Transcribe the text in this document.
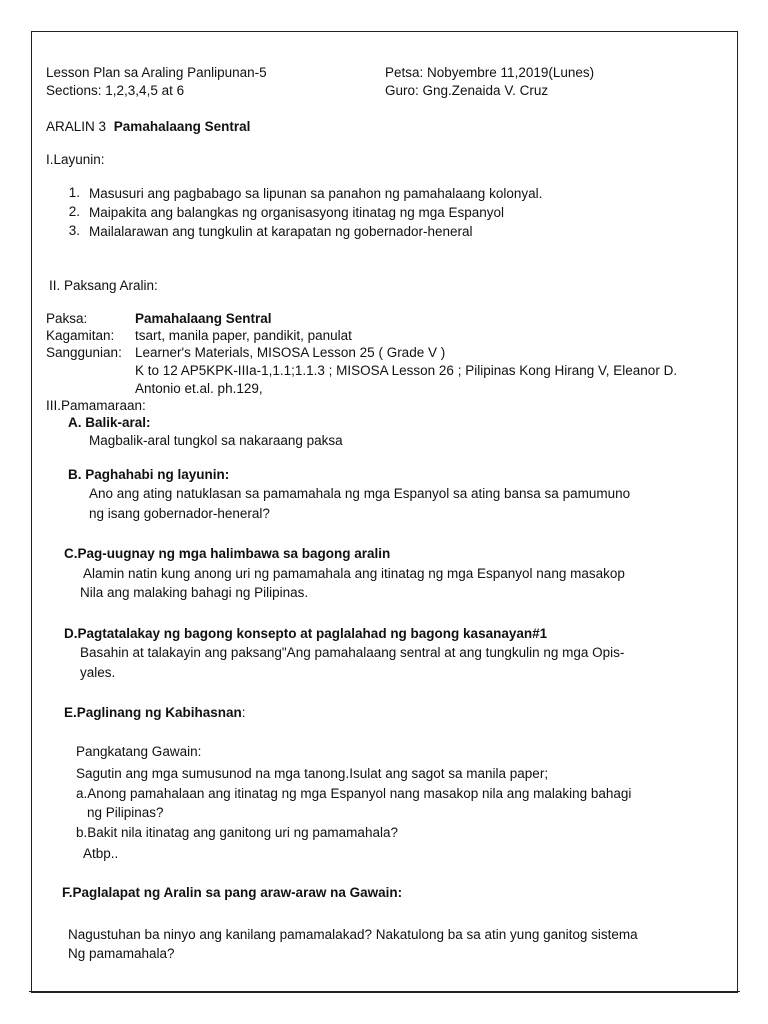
Lesson Plan sa Araling Panlipunan-5
Sections: 1,2,3,4,5 at 6
Petsa: Nobyembre 11,2019(Lunes)
Guro: Gng.Zenaida V. Cruz
ARALIN 3 Pamahalaang Sentral
I.Layunin:
1. Masusuri ang pagbabago sa lipunan sa panahon ng pamahalaang kolonyal.
2. Maipakita ang balangkas ng organisasyong itinatag ng mga Espanyol
3. Mailalarawan ang tungkulin at karapatan ng gobernador-heneral
II. Paksang Aralin:
Paksa:	Pamahalaang Sentral
Kagamitan: tsart, manila paper, pandikit, panulat
Sanggunian: Learner's Materials, MISOSA Lesson 25 ( Grade V )
K to 12 AP5KPK-IIIa-1,1.1;1.1.3 ; MISOSA Lesson 26 ; Pilipinas Kong Hirang V, Eleanor D.
Antonio et.al. ph.129,
III.Pamamaraan:
A. Balik-aral:
Magbalik-aral tungkol sa nakaraang paksa
B. Paghahabi ng layunin:
Ano ang ating natuklasan sa pamamahala ng mga Espanyol sa ating bansa sa pamumuno
ng isang gobernador-heneral?
C.Pag-uugnay ng mga halimbawa sa bagong aralin
Alamin natin kung anong uri ng pamamahala ang itinatag ng mga Espanyol nang masakop
Nila ang malaking bahagi ng Pilipinas.
D.Pagtatalakay ng bagong konsepto at paglalahad ng bagong kasanayan#1
Basahin at talakayin ang paksang"Ang pamahalaang sentral at ang tungkulin ng mga Opis-
yales.
E.Paglinang ng Kabihasnan:
Pangkatang Gawain:
Sagutin ang mga sumusunod na mga tanong.Isulat ang sagot sa manila paper;
a.Anong pamahalaan ang itinatag ng mga Espanyol nang masakop nila ang malaking bahagi
ng Pilipinas?
b.Bakit nila itinatag ang ganitong uri ng pamamahala?
Atbp..
F.Paglalapat ng Aralin sa pang araw-araw na Gawain:
Nagustuhan ba ninyo ang kanilang pamamalakad? Nakatulong ba sa atin yung ganitog sistema
Ng pamamahala?
